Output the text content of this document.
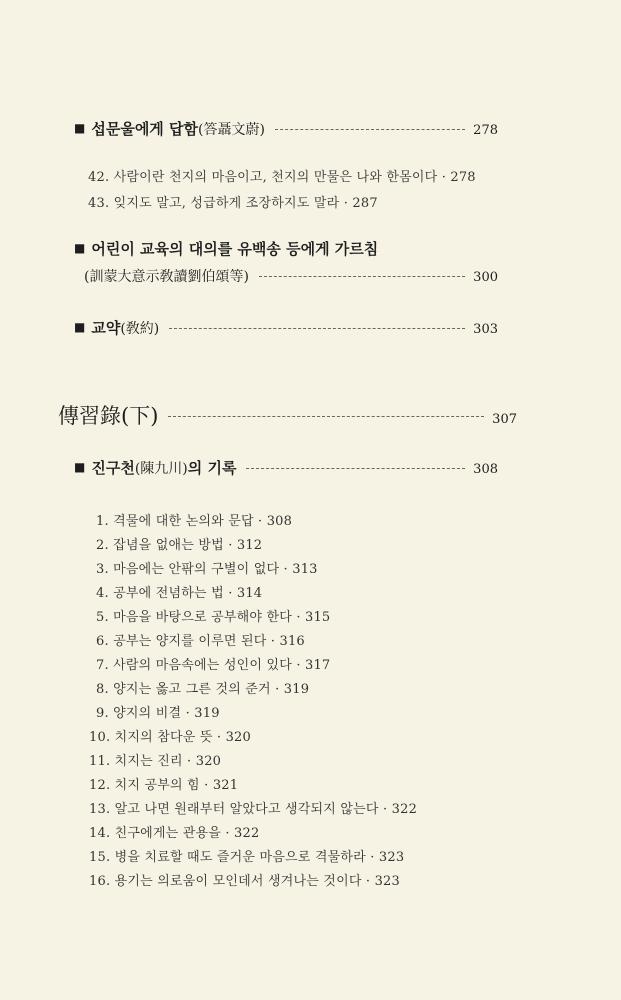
■ 섭문울에게 답함 (答聶文蔚)	278
42. 사람이란 천지의 마음이고, 천지의 만물은 나와 한몸이다 · 278
43. 잊지도 말고, 성급하게 조장하지도 말라 · 287
■ 어린이 교육의 대의를 유백송 등에게 가르침
(訓蒙大意示敎讀劉伯頌等)	300
■ 교약 (敎約)	303
傳習錄(下)	307
■ 진구천 (陳九川) 의 기록	308
1. 격물에 대한 논의와 문답 · 308
2. 잡념을 없애는 방법 · 312
3. 마음에는 안팎의 구별이 없다 · 313
4. 공부에 전념하는 법 · 314
5. 마음을 바탕으로 공부해야 한다 · 315
6. 공부는 양지를 이루면 된다 · 316
7. 사람의 마음속에는 성인이 있다 · 317
8. 양지는 옳고 그른 것의 준거 · 319
9. 양지의 비결 · 319
10. 치지의 참다운 뜻 · 320
11. 치지는 진리 · 320
12. 치지 공부의 힘 · 321
13. 알고 나면 원래부터 알았다고 생각되지 않는다 · 322
14. 친구에게는 관용을 · 322
15. 병을 치료할 때도 즐거운 마음으로 격물하라 · 323
16. 용기는 의로움이 모인데서 생겨나는 것이다 · 323
